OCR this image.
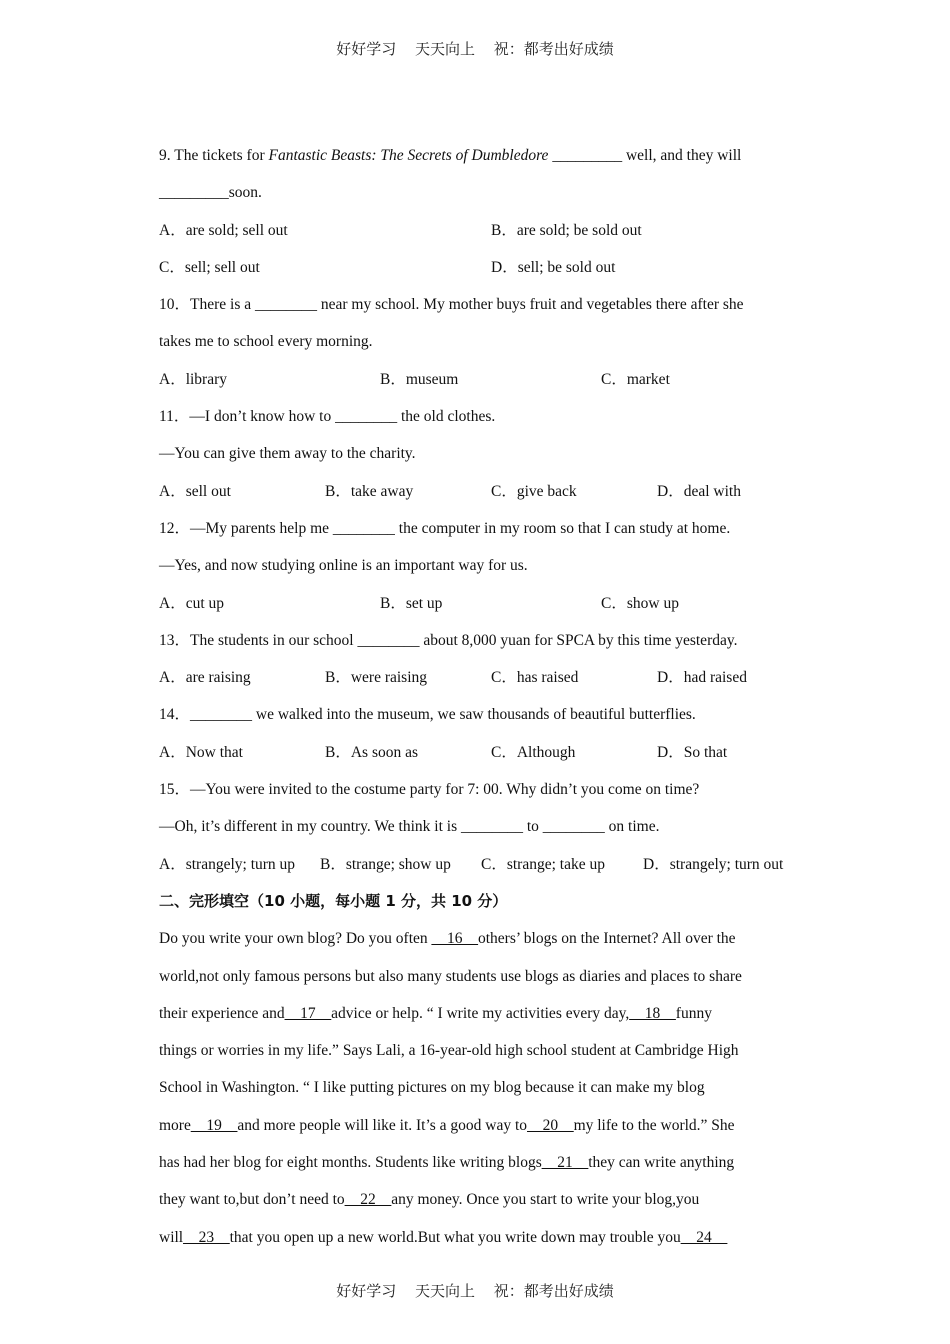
好好学习 天天向上 祝：都考出好成绩
9. The tickets for Fantastic Beasts: The Secrets of Dumbledore _________ well, and they will
_________soon.
A．are sold; sell out	B．are sold; be sold out
C．sell; sell out	D．sell; be sold out
10．There is a ________ near my school. My mother buys fruit and vegetables there after she
takes me to school every morning.
A．library	B．museum	C．market
11．—I don’t know how to ________ the old clothes.
—You can give them away to the charity.
A．sell out	B．take away	C．give back	D．deal with
12．—My parents help me ________ the computer in my room so that I can study at home.
—Yes, and now studying online is an important way for us.
A．cut up	B．set up	C．show up
13．The students in our school ________ about 8,000 yuan for SPCA by this time yesterday.
A．are raising	B．were raising	C．has raised	D．had raised
14．________ we walked into the museum, we saw thousands of beautiful butterflies.
A．Now that	B．As soon as	C．Although	D．So that
15．—You were invited to the costume party for 7: 00. Why didn’t you come on time?
—Oh, it’s different in my country. We think it is ________ to ________ on time.
A．strangely; turn up B．strange; show up C．strange; take up D．strangely; turn out
二、完形填空（10 小题，每小题 1 分，共 10 分）
Do you write your own blog? Do you often __16__others’ blogs on the Internet? All over the
world,not only famous persons but also many students use blogs as diaries and places to share
their experience and__17__advice or help. “ I write my activities every day,__18__funny
things or worries in my life.” Says Lali, a 16-year-old high school student at Cambridge High
School in Washington. “ I like putting pictures on my blog because it can make my blog
more__19__and more people will like it. It’s a good way to__20__my life to the world.” She
has had her blog for eight months. Students like writing blogs__21__they can write anything
they want to,but don’t need to__22__any money. Once you start to write your blog,you
will__23__that you open up a new world.But what you write down may trouble you__24__
好好学习 天天向上 祝：都考出好成绩
